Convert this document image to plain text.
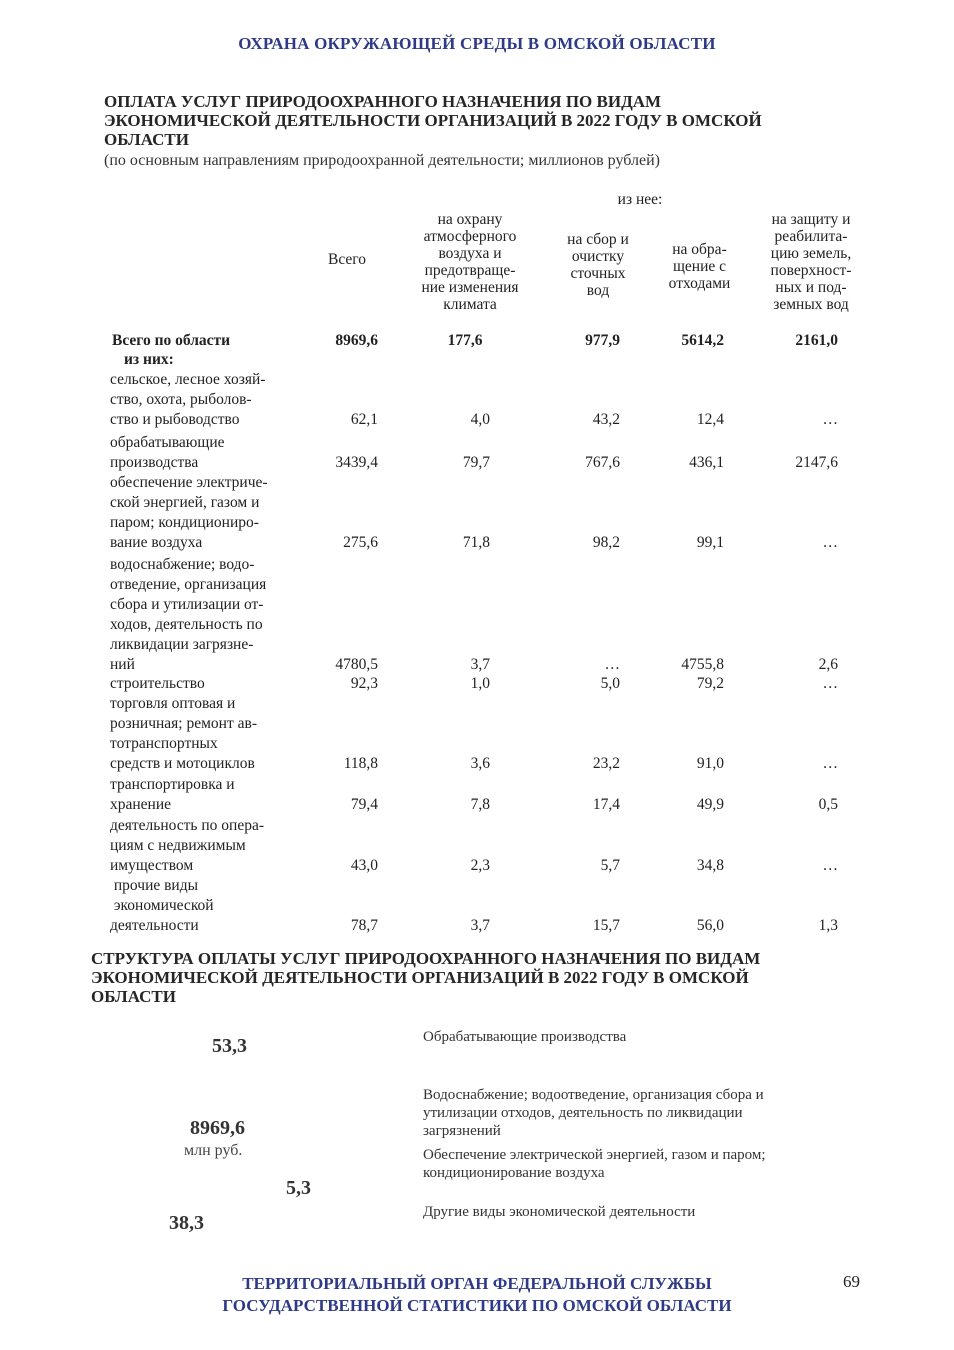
ОХРАНА ОКРУЖАЮЩЕЙ СРЕДЫ В ОМСКОЙ ОБЛАСТИ
ОПЛАТА УСЛУГ ПРИРОДООХРАННОГО НАЗНАЧЕНИЯ ПО ВИДАМ
ЭКОНОМИЧЕСКОЙ ДЕЯТЕЛЬНОСТИ ОРГАНИЗАЦИЙ В 2022 ГОДУ В ОМСКОЙ
ОБЛАСТИ
(по основным направлениям природоохранной деятельности; миллионов рублей)
из нее:
Всего
на охрану
атмосферного
воздуха и
предотвраще-
ние изменения
климата
на сбор и
очистку
сточных
вод
на обра-
щение с
отходами
на защиту и
реабилита-
цию земель,
поверхност-
ных и под-
земных вод
Всего по области	8969,6	177,6	977,9	5614,2	2161,0
из них:
сельское, лесное хозяй-
ство, охота, рыболов-
ство и рыбоводство	62,1	4,0	43,2	12,4	…
обрабатывающие
производства	3439,4	79,7	767,6	436,1	2147,6
обеспечение электриче-
ской энергией, газом и
паром; кондициониро-
вание воздуха	275,6	71,8	98,2	99,1	…
водоснабжение; водо-
отведение, организация
сбора и утилизации от-
ходов, деятельность по
ликвидации загрязне-
ний	4780,5	3,7	…	4755,8	2,6
строительство	92,3	1,0	5,0	79,2	…
торговля оптовая и
розничная; ремонт ав-
тотранспортных
средств и мотоциклов	118,8	3,6	23,2	91,0	…
транспортировка и
хранение	79,4	7,8	17,4	49,9	0,5
деятельность по опера-
циям с недвижимым
имуществом	43,0	2,3	5,7	34,8	…
прочие виды
экономической
деятельности	78,7	3,7	15,7	56,0	1,3
СТРУКТУРА ОПЛАТЫ УСЛУГ ПРИРОДООХРАННОГО НАЗНАЧЕНИЯ ПО ВИДАМ
ЭКОНОМИЧЕСКОЙ ДЕЯТЕЛЬНОСТИ ОРГАНИЗАЦИЙ В 2022 ГОДУ В ОМСКОЙ
ОБЛАСТИ
53,3
8969,6
млн руб.
5,3
38,3
Обрабатывающие производства
Водоснабжение; водоотведение, организация сбора и
утилизации отходов, деятельность по ликвидации
загрязнений
Обеспечение электрической энергией, газом и паром;
кондиционирование воздуха
Другие виды экономической деятельности
ТЕРРИТОРИАЛЬНЫЙ ОРГАН ФЕДЕРАЛЬНОЙ СЛУЖБЫ
ГОСУДАРСТВЕННОЙ СТАТИСТИКИ ПО ОМСКОЙ ОБЛАСТИ
69
